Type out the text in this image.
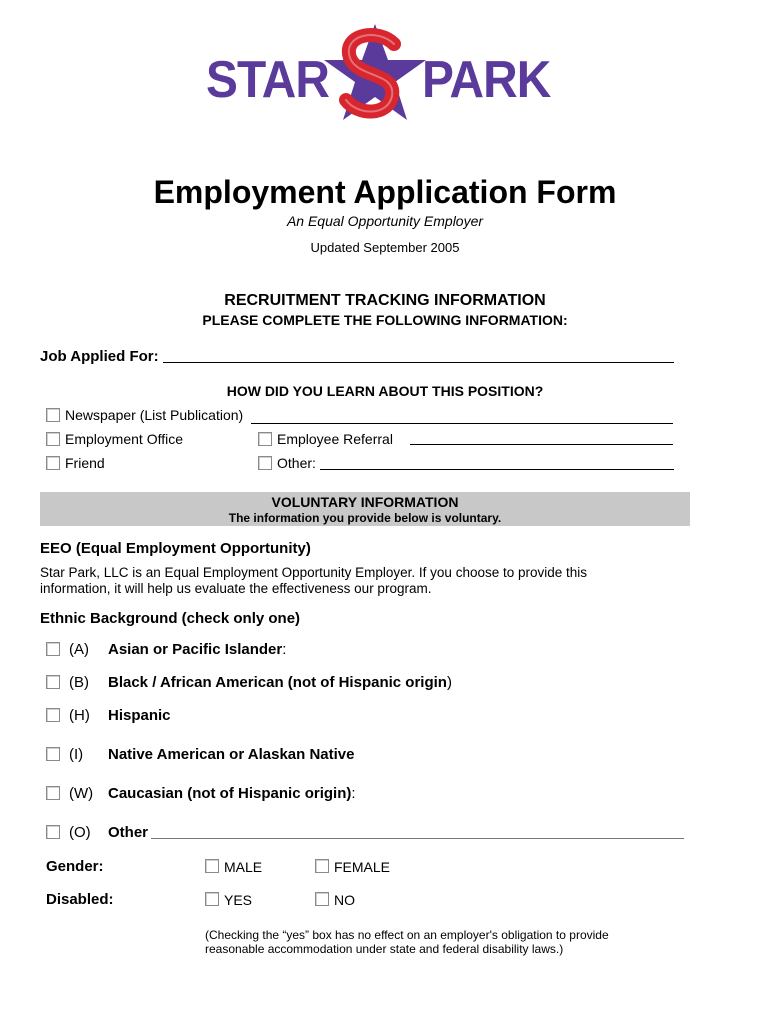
STAR PARK
Employment Application Form
An Equal Opportunity Employer
Updated September 2005
RECRUITMENT TRACKING INFORMATION
PLEASE COMPLETE THE FOLLOWING INFORMATION:
Job Applied For:
HOW DID YOU LEARN ABOUT THIS POSITION?
Newspaper (List Publication)
Employment Office	Employee Referral
Friend	Other:
VOLUNTARY INFORMATION
The information you provide below is voluntary.
EEO (Equal Employment Opportunity)
Star Park, LLC is an Equal Employment Opportunity Employer. If you choose to provide this
information, it will help us evaluate the effectiveness our program.
Ethnic Background (check only one)
(A) Asian or Pacific Islander:
(B) Black / African American (not of Hispanic origin)
(H) Hispanic
(I) Native American or Alaskan Native
(W) Caucasian (not of Hispanic origin):
(O) Other
Gender:	MALE	FEMALE
Disabled:	YES	NO
(Checking the “yes” box has no effect on an employer's obligation to provide
reasonable accommodation under state and federal disability laws.)
